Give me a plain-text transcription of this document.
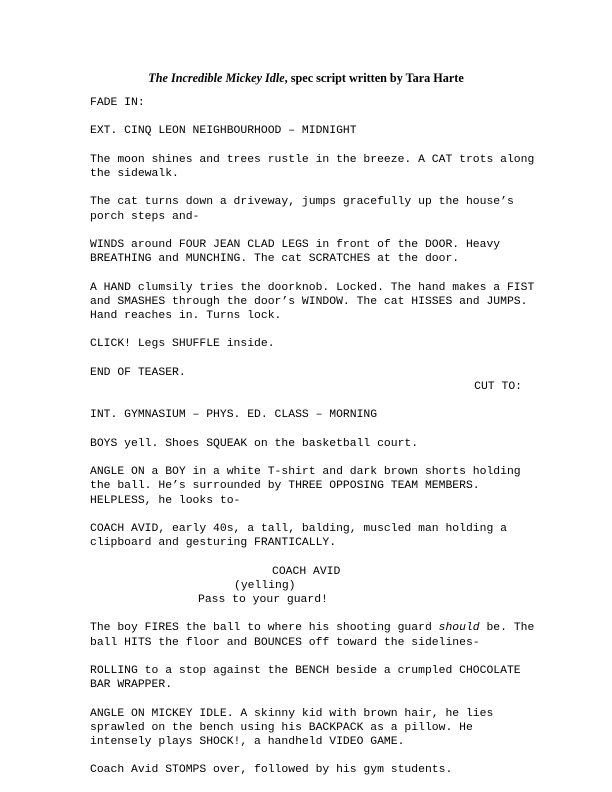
The Incredible Mickey Idle, spec script written by Tara Harte
FADE IN:
EXT. CINQ LEON NEIGHBOURHOOD – MIDNIGHT
The moon shines and trees rustle in the breeze. A CAT trots along
the sidewalk.
The cat turns down a driveway, jumps gracefully up the house’s
porch steps and-
WINDS around FOUR JEAN CLAD LEGS in front of the DOOR. Heavy
BREATHING and MUNCHING. The cat SCRATCHES at the door.
A HAND clumsily tries the doorknob. Locked. The hand makes a FIST
and SMASHES through the door’s WINDOW. The cat HISSES and JUMPS.
Hand reaches in. Turns lock.
CLICK! Legs SHUFFLE inside.
END OF TEASER.
CUT TO:
INT. GYMNASIUM – PHYS. ED. CLASS – MORNING
BOYS yell. Shoes SQUEAK on the basketball court.
ANGLE ON a BOY in a white T-shirt and dark brown shorts holding
the ball. He’s surrounded by THREE OPPOSING TEAM MEMBERS.
HELPLESS, he looks to-
COACH AVID, early 40s, a tall, balding, muscled man holding a
clipboard and gesturing FRANTICALLY.
COACH AVID
(yelling)
Pass to your guard!
The boy FIRES the ball to where his shooting guard should be. The
ball HITS the floor and BOUNCES off toward the sidelines-
ROLLING to a stop against the BENCH beside a crumpled CHOCOLATE
BAR WRAPPER.
ANGLE ON MICKEY IDLE. A skinny kid with brown hair, he lies
sprawled on the bench using his BACKPACK as a pillow. He
intensely plays SHOCK!, a handheld VIDEO GAME.
Coach Avid STOMPS over, followed by his gym students.
